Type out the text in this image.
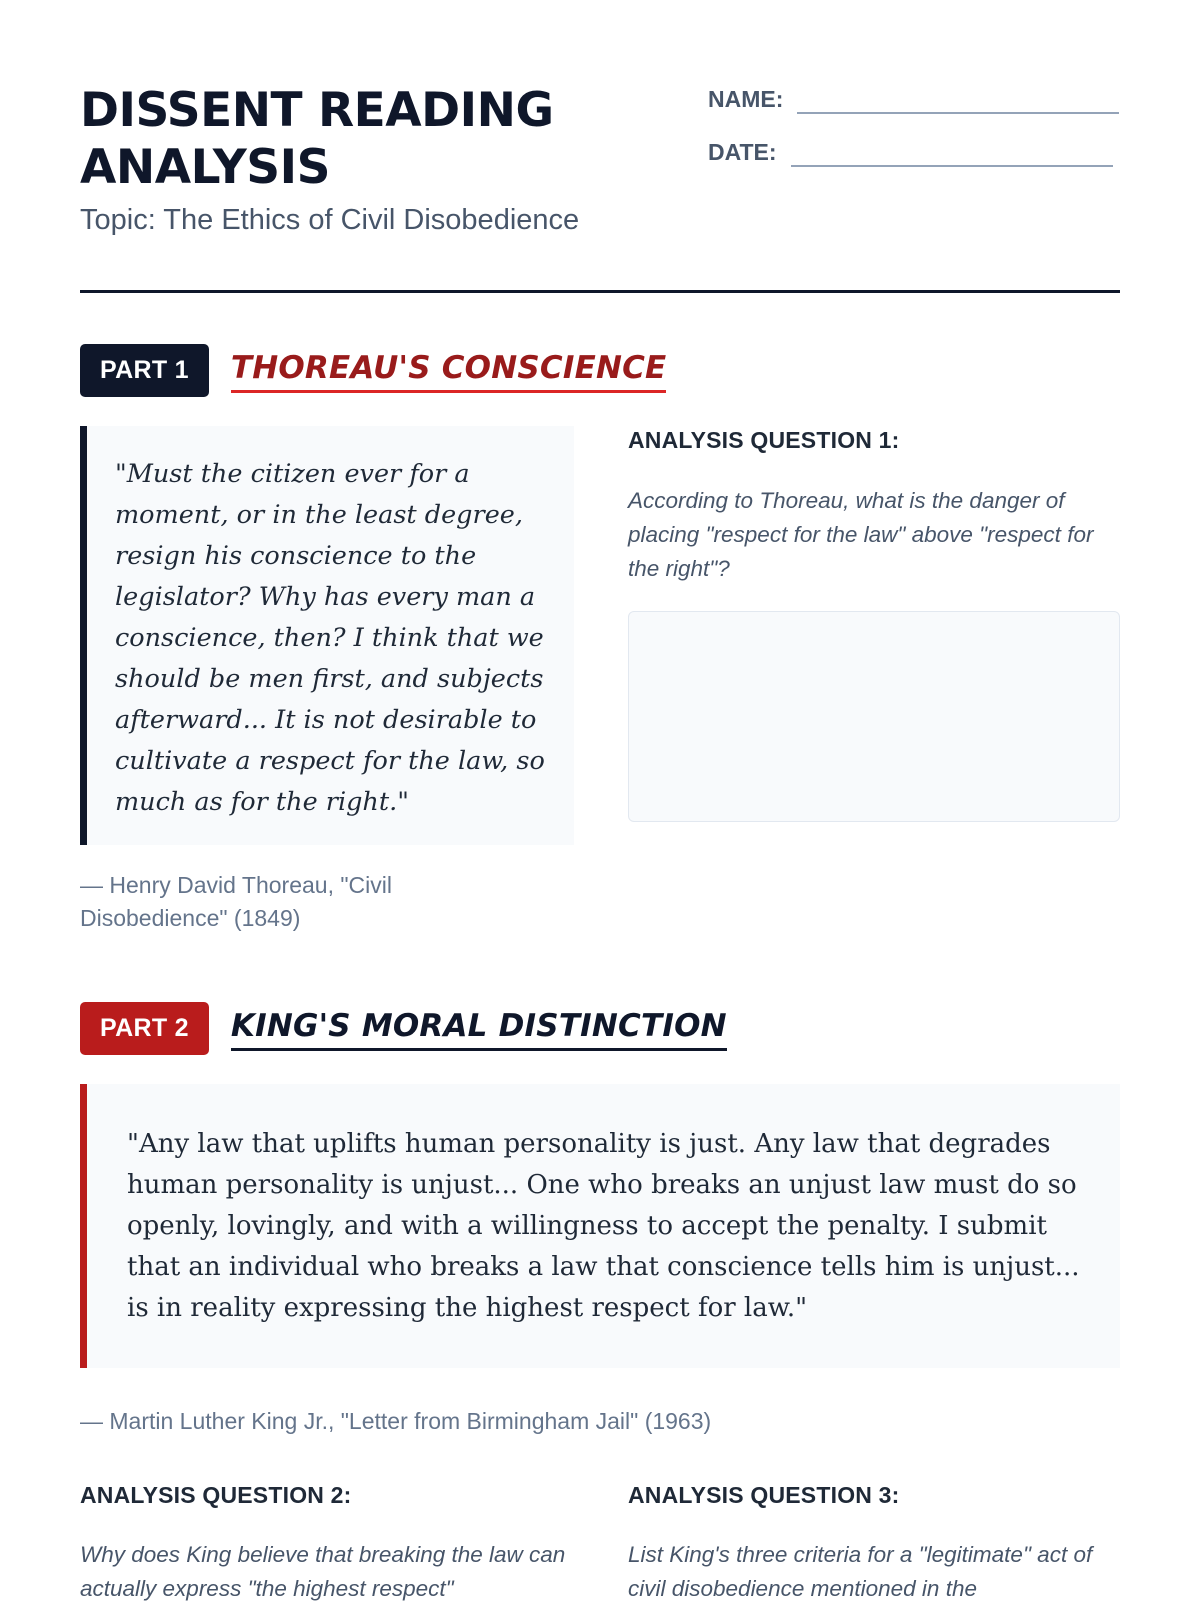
DISSENT READING ANALYSIS
Topic: The Ethics of Civil Disobedience
NAME:
DATE:
PART 1	THOREAU'S CONSCIENCE
"Must the citizen ever for a moment, or in the least degree, resign his conscience to the legislator? Why has every man a conscience, then? I think that we should be men first, and subjects afterward... It is not desirable to cultivate a respect for the law, so much as for the right."
— Henry David Thoreau, "Civil Disobedience" (1849)
ANALYSIS QUESTION 1:
According to Thoreau, what is the danger of placing "respect for the law" above "respect for the right"?
PART 2	KING'S MORAL DISTINCTION
"Any law that uplifts human personality is just. Any law that degrades human personality is unjust... One who breaks an unjust law must do so openly, lovingly, and with a willingness to accept the penalty. I submit that an individual who breaks a law that conscience tells him is unjust... is in reality expressing the highest respect for law."
— Martin Luther King Jr., "Letter from Birmingham Jail" (1963)
ANALYSIS QUESTION 2:
Why does King believe that breaking the law can actually express "the highest respect"
ANALYSIS QUESTION 3:
List King's three criteria for a "legitimate" act of civil disobedience mentioned in the
